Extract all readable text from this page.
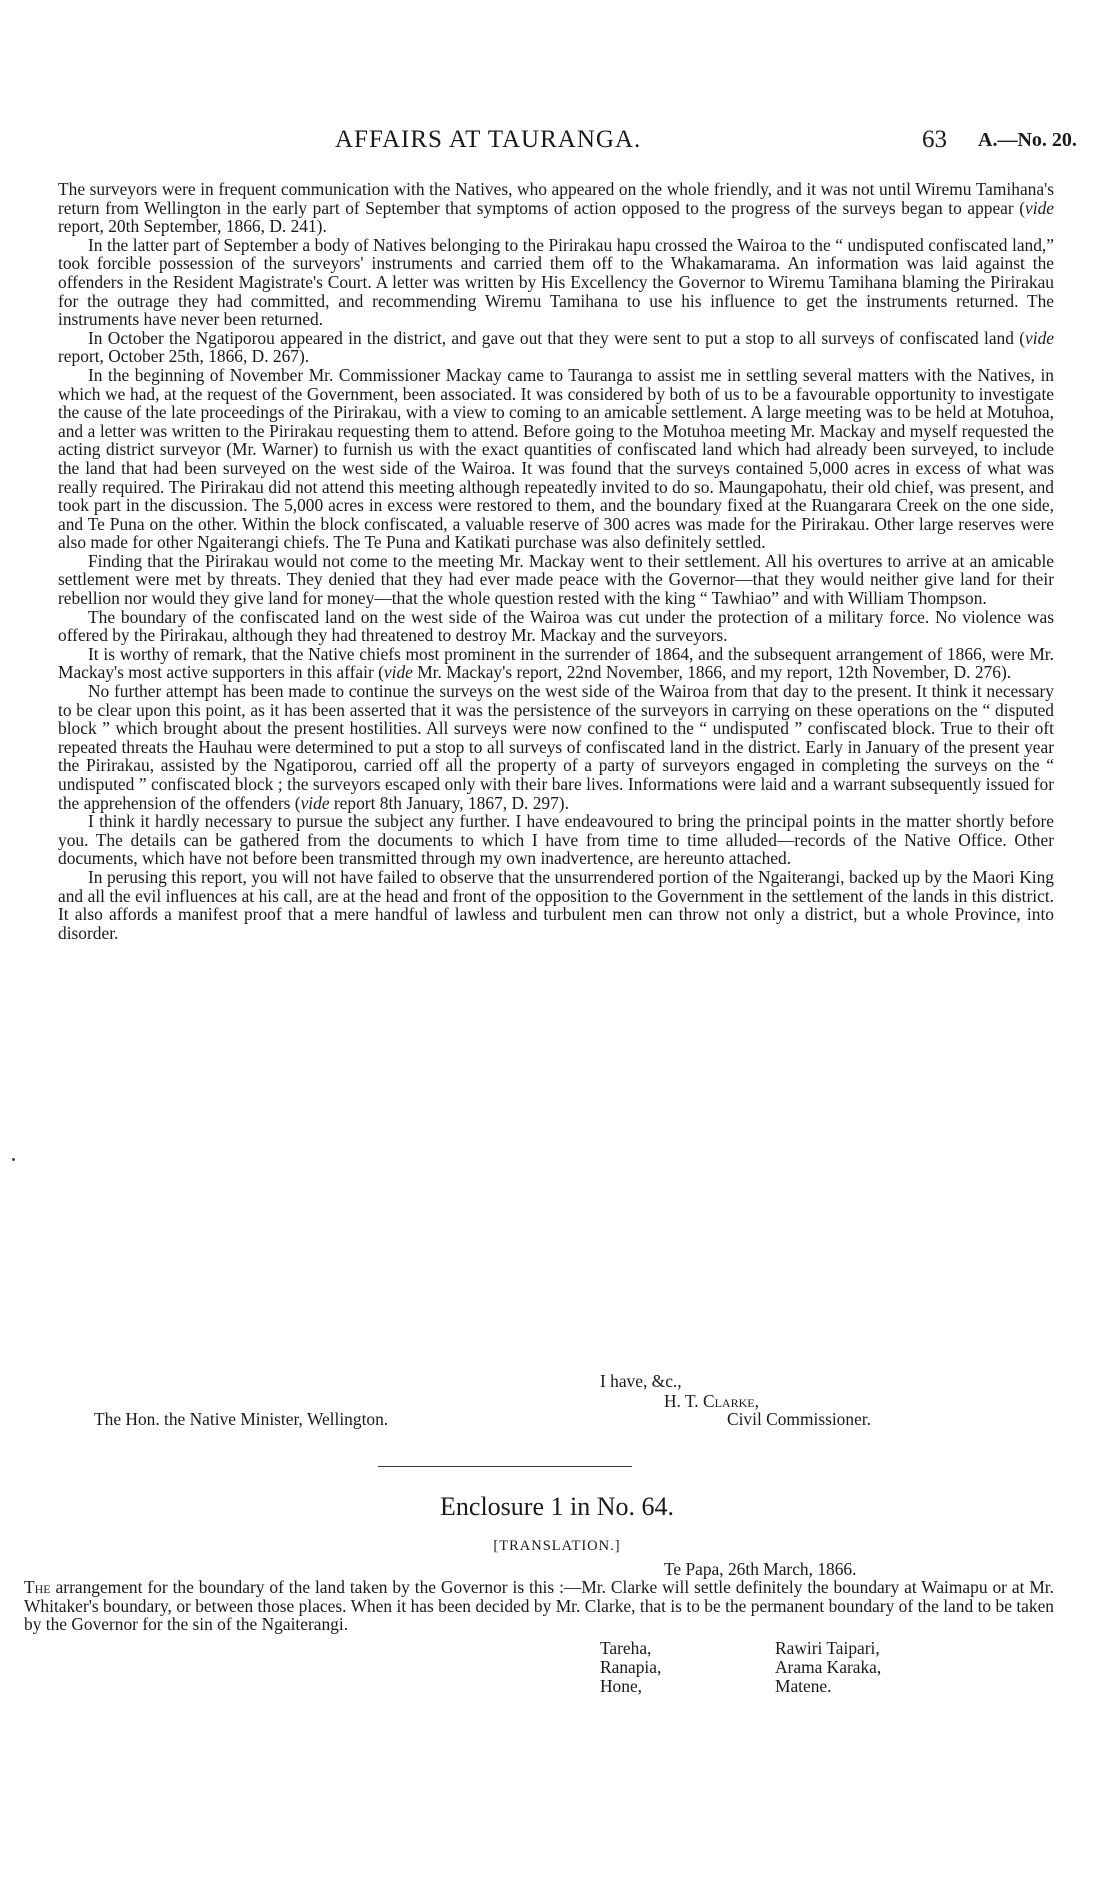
AFFAIRS AT TAURANGA.	63 A.—No. 20.

The surveyors were in frequent communication with the Natives, who appeared on the whole friendly, and it was not until Wiremu Tamihana's return from Wellington in the early part of September that symptoms of action opposed to the progress of the surveys began to appear (vide report, 20th September, 1866, D. 241).

In the latter part of September a body of Natives belonging to the Pirirakau hapu crossed the Wairoa to the “ undisputed confiscated land,” took forcible possession of the surveyors' instruments and carried them off to the Whakamarama. An information was laid against the offenders in the Resident Magistrate's Court. A letter was written by His Excellency the Governor to Wiremu Tamihana blaming the Pirirakau for the outrage they had committed, and recommending Wiremu Tamihana to use his influence to get the instruments returned. The instruments have never been returned.

In October the Ngatiporou appeared in the district, and gave out that they were sent to put a stop to all surveys of confiscated land (vide report, October 25th, 1866, D. 267).

In the beginning of November Mr. Commissioner Mackay came to Tauranga to assist me in settling several matters with the Natives, in which we had, at the request of the Government, been associated. It was considered by both of us to be a favourable opportunity to investigate the cause of the late proceedings of the Pirirakau, with a view to coming to an amicable settlement. A large meeting was to be held at Motuhoa, and a letter was written to the Pirirakau requesting them to attend. Before going to the Motuhoa meeting Mr. Mackay and myself requested the acting district surveyor (Mr. Warner) to furnish us with the exact quantities of confiscated land which had already been surveyed, to include the land that had been surveyed on the west side of the Wairoa. It was found that the surveys contained 5,000 acres in excess of what was really required. The Pirirakau did not attend this meeting although repeatedly invited to do so. Maungapohatu, their old chief, was present, and took part in the discussion. The 5,000 acres in excess were restored to them, and the boundary fixed at the Ruangarara Creek on the one side, and Te Puna on the other. Within the block confiscated, a valuable reserve of 300 acres was made for the Pirirakau. Other large reserves were also made for other Ngaiterangi chiefs. The Te Puna and Katikati purchase was also definitely settled.

Finding that the Pirirakau would not come to the meeting Mr. Mackay went to their settlement. All his overtures to arrive at an amicable settlement were met by threats. They denied that they had ever made peace with the Governor—that they would neither give land for their rebellion nor would they give land for money—that the whole question rested with the king “ Tawhiao” and with William Thompson.

The boundary of the confiscated land on the west side of the Wairoa was cut under the protection of a military force. No violence was offered by the Pirirakau, although they had threatened to destroy Mr. Mackay and the surveyors.

It is worthy of remark, that the Native chiefs most prominent in the surrender of 1864, and the subsequent arrangement of 1866, were Mr. Mackay's most active supporters in this affair (vide Mr. Mackay's report, 22nd November, 1866, and my report, 12th November, D. 276).

No further attempt has been made to continue the surveys on the west side of the Wairoa from that day to the present. It think it necessary to be clear upon this point, as it has been asserted that it was the persistence of the surveyors in carrying on these operations on the “ disputed block ” which brought about the present hostilities. All surveys were now confined to the “ undisputed ” confiscated block. True to their oft repeated threats the Hauhau were determined to put a stop to all surveys of confiscated land in the district. Early in January of the present year the Pirirakau, assisted by the Ngatiporou, carried off all the property of a party of surveyors engaged in completing the surveys on the “ undisputed ” confiscated block ; the surveyors escaped only with their bare lives. Informations were laid and a warrant subsequently issued for the apprehension of the offenders (vide report 8th January, 1867, D. 297).

I think it hardly necessary to pursue the subject any further. I have endeavoured to bring the principal points in the matter shortly before you. The details can be gathered from the documents to which I have from time to time alluded—records of the Native Office. Other documents, which have not before been transmitted through my own inadvertence, are hereunto attached.

In perusing this report, you will not have failed to observe that the unsurrendered portion of the Ngaiterangi, backed up by the Maori King and all the evil influences at his call, are at the head and front of the opposition to the Government in the settlement of the lands in this district. It also affords a manifest proof that a mere handful of lawless and turbulent men can throw not only a district, but a whole Province, into disorder.

I have, &c.,
H. T. Clarke,
The Hon. the Native Minister, Wellington.	Civil Commissioner.
Enclosure 1 in No. 64.
[TRANSLATION.]
Te Papa, 26th March, 1866.

The arrangement for the boundary of the land taken by the Governor is this :—Mr. Clarke will settle definitely the boundary at Waimapu or at Mr. Whitaker's boundary, or between those places. When it has been decided by Mr. Clarke, that is to be the permanent boundary of the land to be taken by the Governor for the sin of the Ngaiterangi.

Tareha,
Ranapia,
Hone,
Rawiri Taipari,
Arama Karaka,
Matene.
